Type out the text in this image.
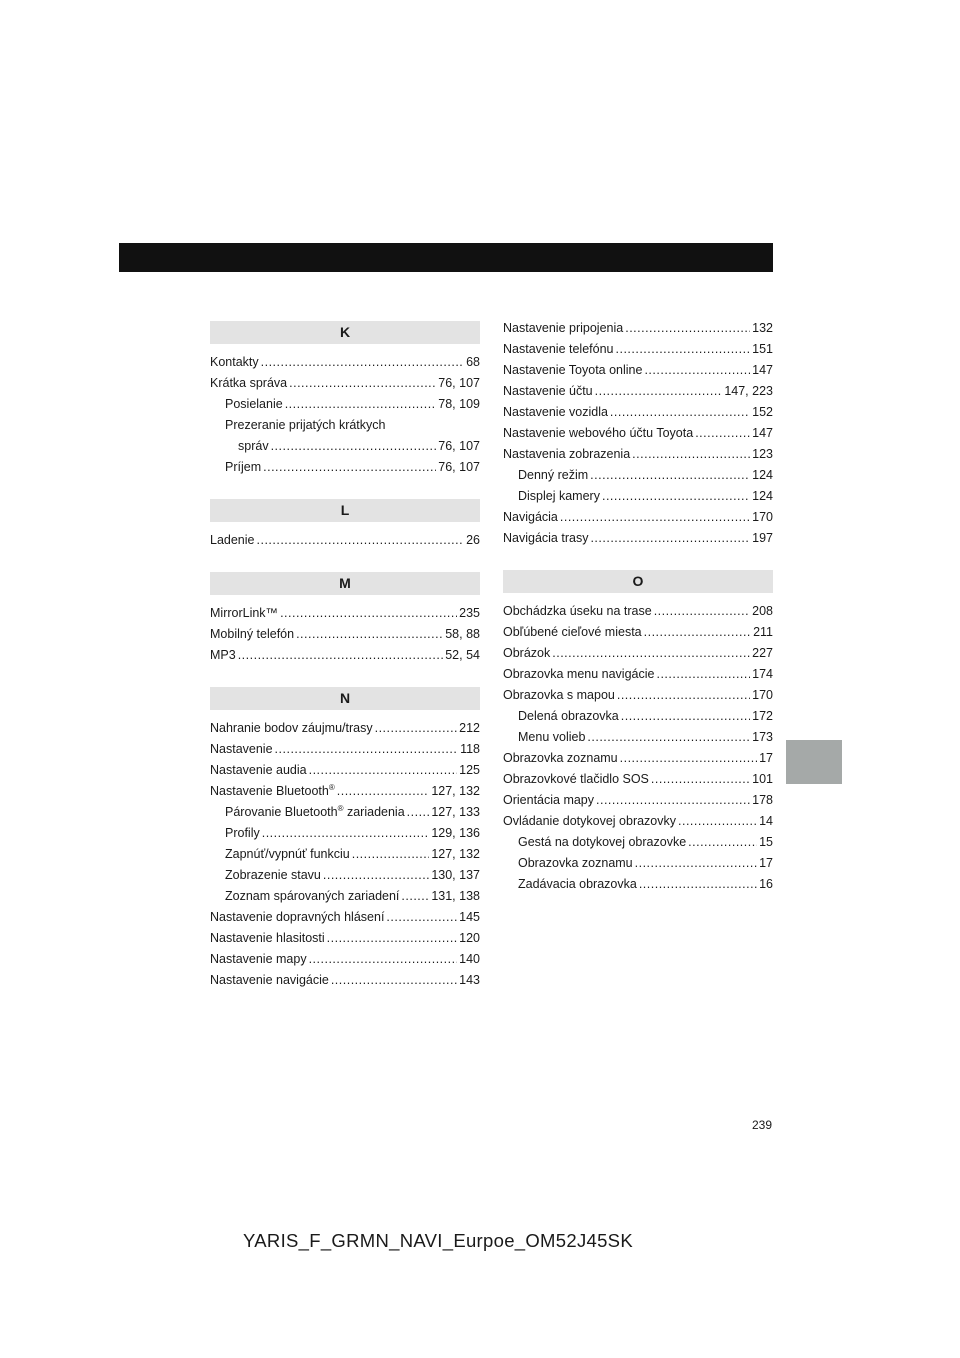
K
Kontakty .....	68
Krátka správa .....	76, 107
Posielanie .....	78, 109
Prezeranie prijatých krátkych
správ .....	76, 107
Príjem .....	76, 107
L
Ladenie .....	26
M
MirrorLink™ .....	235
Mobilný telefón .....	58, 88
MP3 .....	52, 54
N
Nahranie bodov záujmu/trasy .....	212
Nastavenie .....	118
Nastavenie audia .....	125
Nastavenie Bluetooth® .....	127, 132
Párovanie Bluetooth® zariadenia ..... 127, 133
Profily .....	129, 136
Zapnúť/vypnúť funkciu .....	127, 132
Zobrazenie stavu .....	130, 137
Zoznam spárovaných zariadení .....	131, 138
Nastavenie dopravných hlásení .....	145
Nastavenie hlasitosti .....	120
Nastavenie mapy .....	140
Nastavenie navigácie .....	143
Nastavenie pripojenia .....	132
Nastavenie telefónu .....	151
Nastavenie Toyota online .....	147
Nastavenie účtu .....	147, 223
Nastavenie vozidla .....	152
Nastavenie webového účtu Toyota .....	147
Nastavenia zobrazenia .....	123
Denný režim .....	124
Displej kamery .....	124
Navigácia .....	170
Navigácia trasy .....	197
O
Obchádzka úseku na trase .....	208
Obľúbené cieľové miesta .....	211
Obrázok .....	227
Obrazovka menu navigácie .....	174
Obrazovka s mapou .....	170
Delená obrazovka .....	172
Menu volieb .....	173
Obrazovka zoznamu .....	17
Obrazovkové tlačidlo SOS .....	101
Orientácia mapy .....	178
Ovládanie dotykovej obrazovky .....	14
Gestá na dotykovej obrazovke .....	15
Obrazovka zoznamu .....	17
Zadávacia obrazovka .....	16
239
YARIS_F_GRMN_NAVI_Eurpoe_OM52J45SK
